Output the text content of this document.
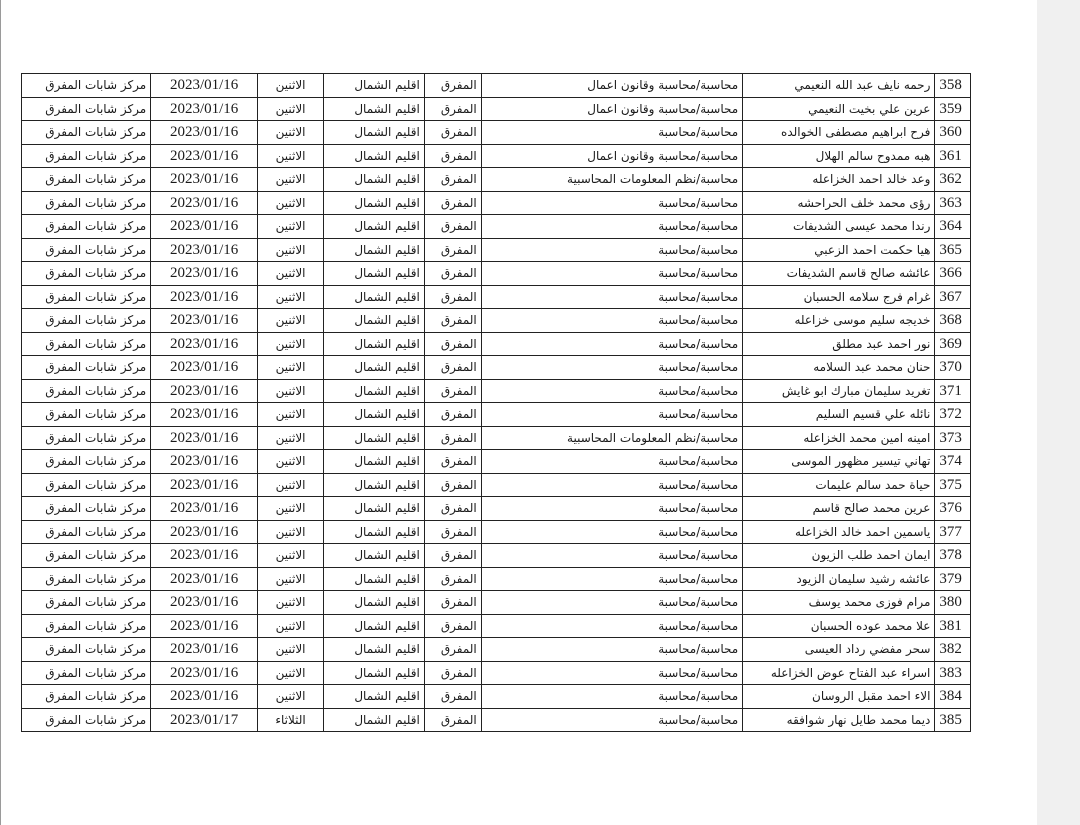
358	رحمه نايف عبد الله النعيمي	محاسبة/محاسبة وقانون اعمال	المفرق	اقليم الشمال	الاثنين	2023/01/16	مركز شابات المفرق
359	عرين علي بخيت النعيمي	محاسبة/محاسبة وقانون اعمال	المفرق	اقليم الشمال	الاثنين	2023/01/16	مركز شابات المفرق
360	فرح ابراهيم مصطفى الخوالده	محاسبة/محاسبة	المفرق	اقليم الشمال	الاثنين	2023/01/16	مركز شابات المفرق
361	هبه ممدوح سالم الهلال	محاسبة/محاسبة وقانون اعمال	المفرق	اقليم الشمال	الاثنين	2023/01/16	مركز شابات المفرق
362	وعد خالد احمد الخزاعله	محاسبة/نظم المعلومات المحاسبية	المفرق	اقليم الشمال	الاثنين	2023/01/16	مركز شابات المفرق
363	رؤى محمد خلف الحراحشه	محاسبة/محاسبة	المفرق	اقليم الشمال	الاثنين	2023/01/16	مركز شابات المفرق
364	رندا محمد عيسى الشديفات	محاسبة/محاسبة	المفرق	اقليم الشمال	الاثنين	2023/01/16	مركز شابات المفرق
365	هيا حكمت احمد الزعبي	محاسبة/محاسبة	المفرق	اقليم الشمال	الاثنين	2023/01/16	مركز شابات المفرق
366	عائشه صالح قاسم الشديفات	محاسبة/محاسبة	المفرق	اقليم الشمال	الاثنين	2023/01/16	مركز شابات المفرق
367	غرام فرج سلامه الحسبان	محاسبة/محاسبة	المفرق	اقليم الشمال	الاثنين	2023/01/16	مركز شابات المفرق
368	خديجه سليم موسى خزاعله	محاسبة/محاسبة	المفرق	اقليم الشمال	الاثنين	2023/01/16	مركز شابات المفرق
369	نور احمد عبد مطلق	محاسبة/محاسبة	المفرق	اقليم الشمال	الاثنين	2023/01/16	مركز شابات المفرق
370	حنان محمد عبد السلامه	محاسبة/محاسبة	المفرق	اقليم الشمال	الاثنين	2023/01/16	مركز شابات المفرق
371	تغريد سليمان مبارك ابو غايش	محاسبة/محاسبة	المفرق	اقليم الشمال	الاثنين	2023/01/16	مركز شابات المفرق
372	نائله علي قسيم السليم	محاسبة/محاسبة	المفرق	اقليم الشمال	الاثنين	2023/01/16	مركز شابات المفرق
373	امينه امين محمد الخزاعله	محاسبة/نظم المعلومات المحاسبية	المفرق	اقليم الشمال	الاثنين	2023/01/16	مركز شابات المفرق
374	تهاني تيسير مظهور الموسى	محاسبة/محاسبة	المفرق	اقليم الشمال	الاثنين	2023/01/16	مركز شابات المفرق
375	حياة حمد سالم عليمات	محاسبة/محاسبة	المفرق	اقليم الشمال	الاثنين	2023/01/16	مركز شابات المفرق
376	عرين محمد صالح قاسم	محاسبة/محاسبة	المفرق	اقليم الشمال	الاثنين	2023/01/16	مركز شابات المفرق
377	ياسمين احمد خالد الخزاعله	محاسبة/محاسبة	المفرق	اقليم الشمال	الاثنين	2023/01/16	مركز شابات المفرق
378	ايمان احمد طلب الزيون	محاسبة/محاسبة	المفرق	اقليم الشمال	الاثنين	2023/01/16	مركز شابات المفرق
379	عائشه رشيد سليمان الزيود	محاسبة/محاسبة	المفرق	اقليم الشمال	الاثنين	2023/01/16	مركز شابات المفرق
380	مرام فوزى محمد يوسف	محاسبة/محاسبة	المفرق	اقليم الشمال	الاثنين	2023/01/16	مركز شابات المفرق
381	علا محمد عوده الحسبان	محاسبة/محاسبة	المفرق	اقليم الشمال	الاثنين	2023/01/16	مركز شابات المفرق
382	سحر مفضي رداد العيسى	محاسبة/محاسبة	المفرق	اقليم الشمال	الاثنين	2023/01/16	مركز شابات المفرق
383	اسراء عبد الفتاح عوض الخزاعله	محاسبة/محاسبة	المفرق	اقليم الشمال	الاثنين	2023/01/16	مركز شابات المفرق
384	الاء احمد مقبل الروسان	محاسبة/محاسبة	المفرق	اقليم الشمال	الاثنين	2023/01/16	مركز شابات المفرق
385	ديما محمد طايل نهار شوافقه	محاسبة/محاسبة	المفرق	اقليم الشمال	الثلاثاء	2023/01/17	مركز شابات المفرق
